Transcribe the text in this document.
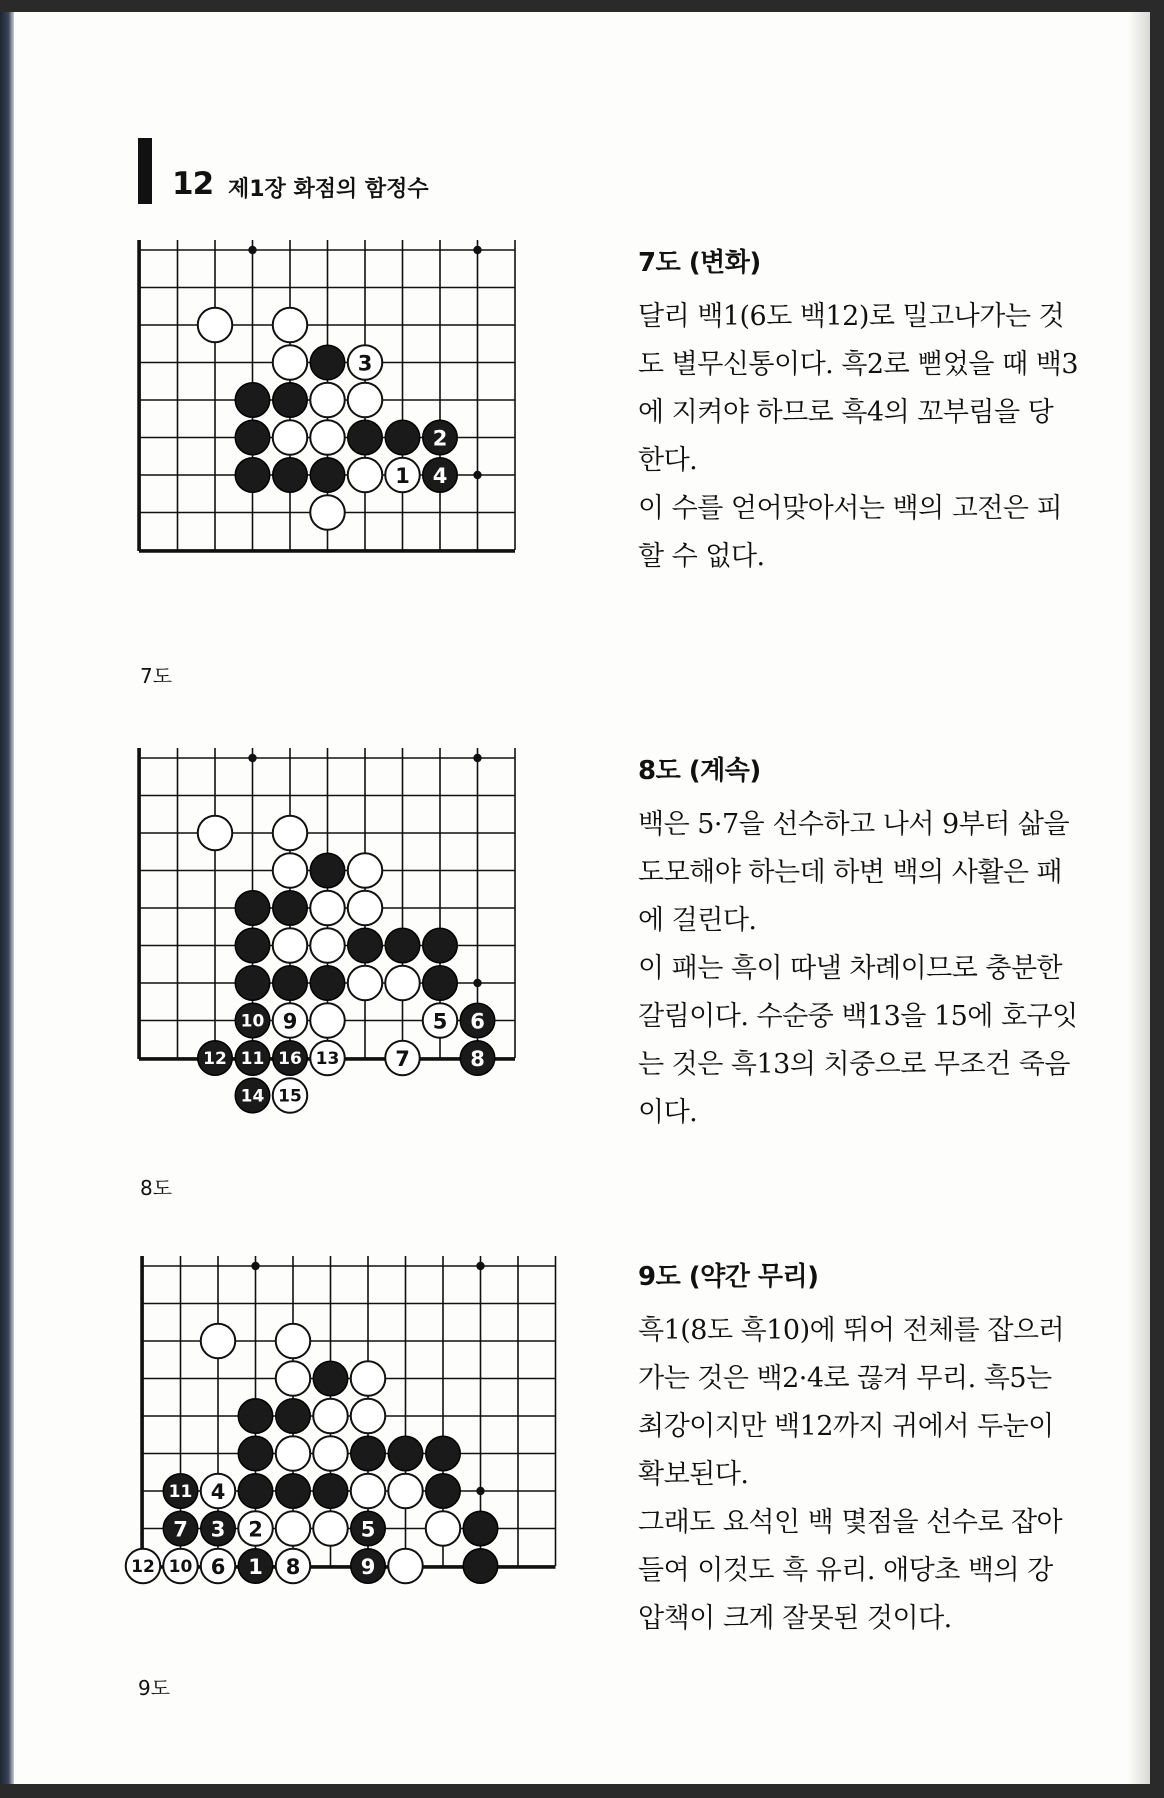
12 제1장 화점의 함정수
3
2
1 4
7도
7도 (변화)

달리 백1(6도 백12)로 밀고나가는 것도 별무신통이다. 흑2로 뻗었을 때 백3에 지켜야 하므로 흑4의 꼬부림을 당한다.

이 수를 얻어맞아서는 백의 고전은 피할 수 없다.

10 9	5 6
12 11 16 13	7	8
14 15
8도
8도 (계속)

백은 5·7을 선수하고 나서 9부터 삶을 도모해야 하는데 하변 백의 사활은 패에 걸린다.

이 패는 흑이 따낼 차례이므로 충분한 갈림이다. 수순중 백13을 15에 호구잇는 것은 흑13의 치중으로 무조건 죽음이다.

11 4
7 3 2	5
12 10 6 1 8	9
9도
9도 (약간 무리)

흑1(8도 흑10)에 뛰어 전체를 잡으러 가는 것은 백2·4로 끊겨 무리. 흑5는 최강이지만 백12까지 귀에서 두눈이 확보된다.

그래도 요석인 백 몇점을 선수로 잡아들여 이것도 흑 유리. 애당초 백의 강압책이 크게 잘못된 것이다.
